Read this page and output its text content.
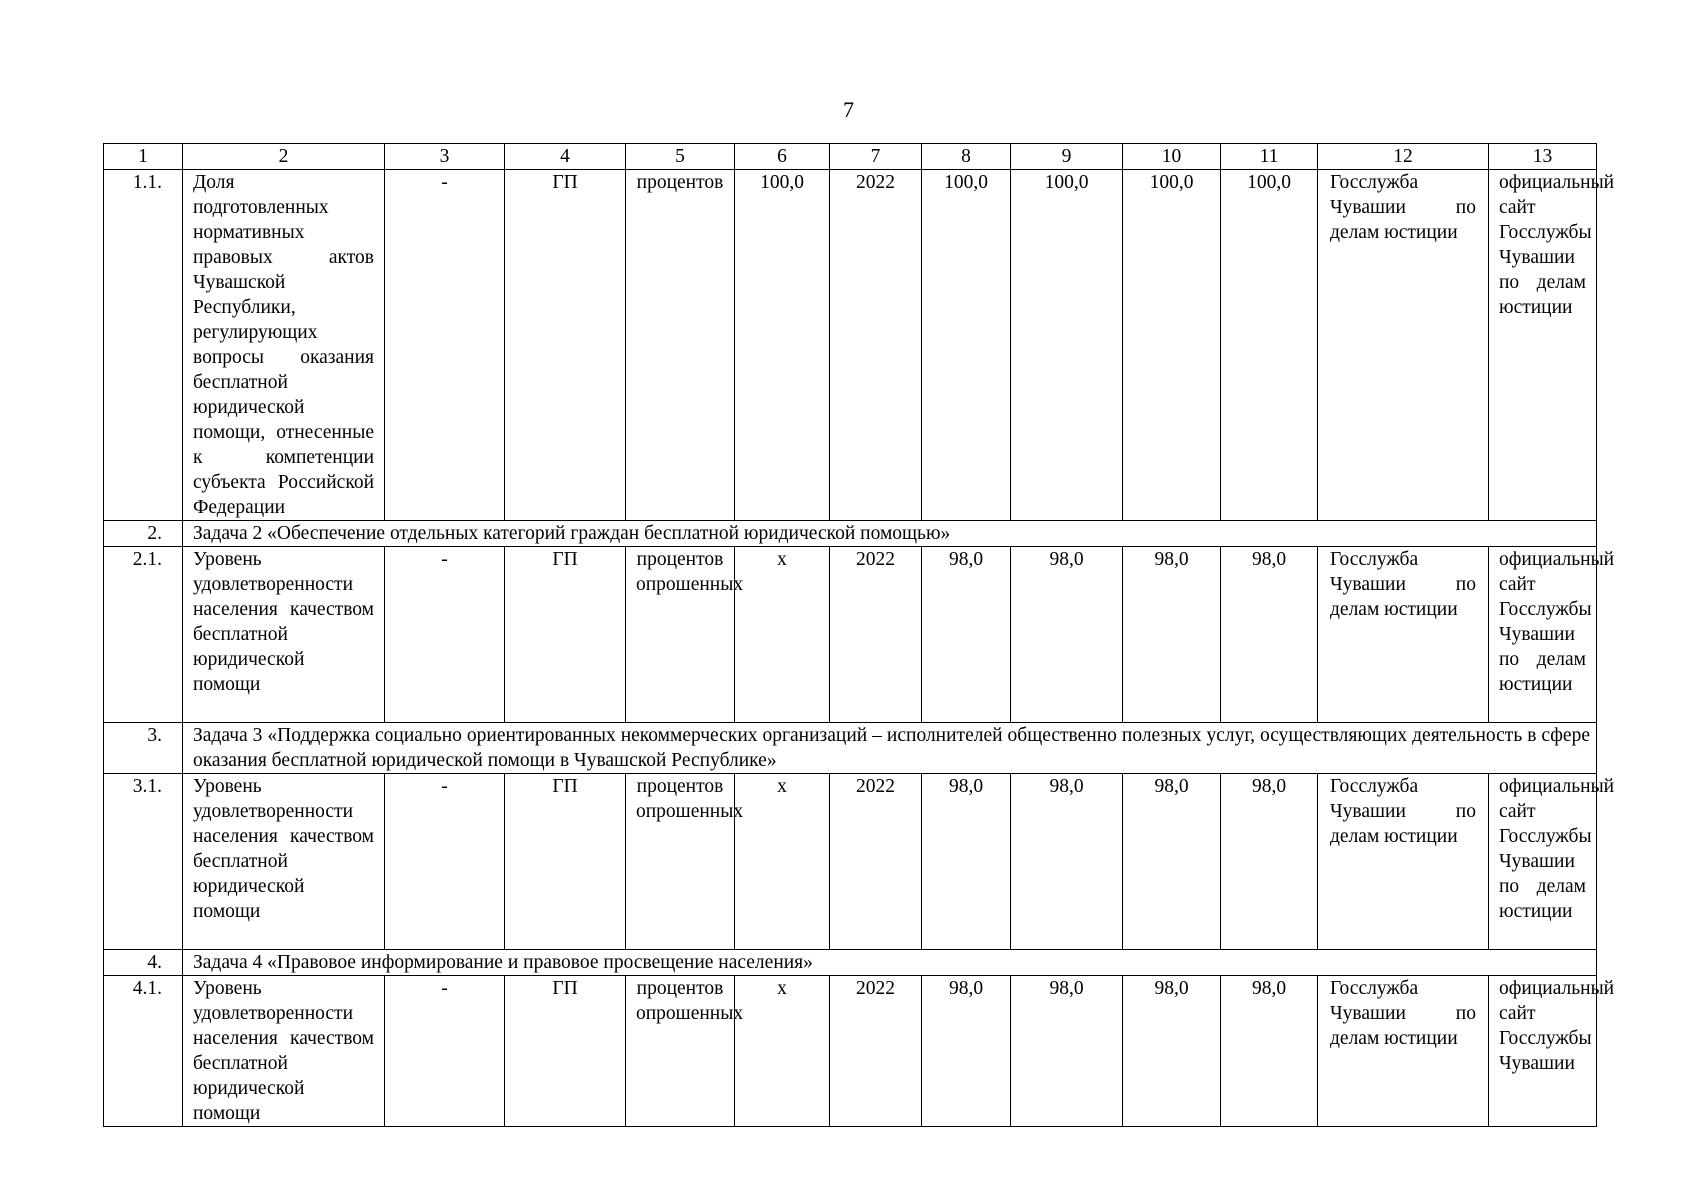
7
1	2	3	4	5	6	7	8	9	10	11	12	13
1.1.	Доля подготовленных нормативных правовых актов Чувашской Республики, регулирующих вопросы оказания бесплатной юридической помощи, отнесенные к компетенции субъекта Российской Федерации	-	ГП	процентов	100,0	2022	100,0	100,0	100,0	100,0	Госслужба Чувашии по делам юстиции	официальный сайт Госслужбы Чувашии по делам юстиции
2.	Задача 2 «Обеспечение отдельных категорий граждан бесплатной юридической помощью»											
2.1.	Уровень удовлетворенности населения качеством бесплатной юридической помощи	-	ГП	процентов опрошенных	х	2022	98,0	98,0	98,0	98,0	Госслужба Чувашии по делам юстиции	официальный сайт Госслужбы Чувашии по делам юстиции
3.	Задача 3 «Поддержка социально ориентированных некоммерческих организаций – исполнителей общественно полезных услуг, осуществляющих деятельность в сфере оказания бесплатной юридической помощи в Чувашской Республике»											
3.1.	Уровень удовлетворенности населения качеством бесплатной юридической помощи	-	ГП	процентов опрошенных	х	2022	98,0	98,0	98,0	98,0	Госслужба Чувашии по делам юстиции	официальный сайт Госслужбы Чувашии по делам юстиции
4.	Задача 4 «Правовое информирование и правовое просвещение населения»											
4.1.	Уровень удовлетворенности населения качеством бесплатной юридической помощи	-	ГП	процентов опрошенных	х	2022	98,0	98,0	98,0	98,0	Госслужба Чувашии по делам юстиции	официальный сайт Госслужбы Чувашии
